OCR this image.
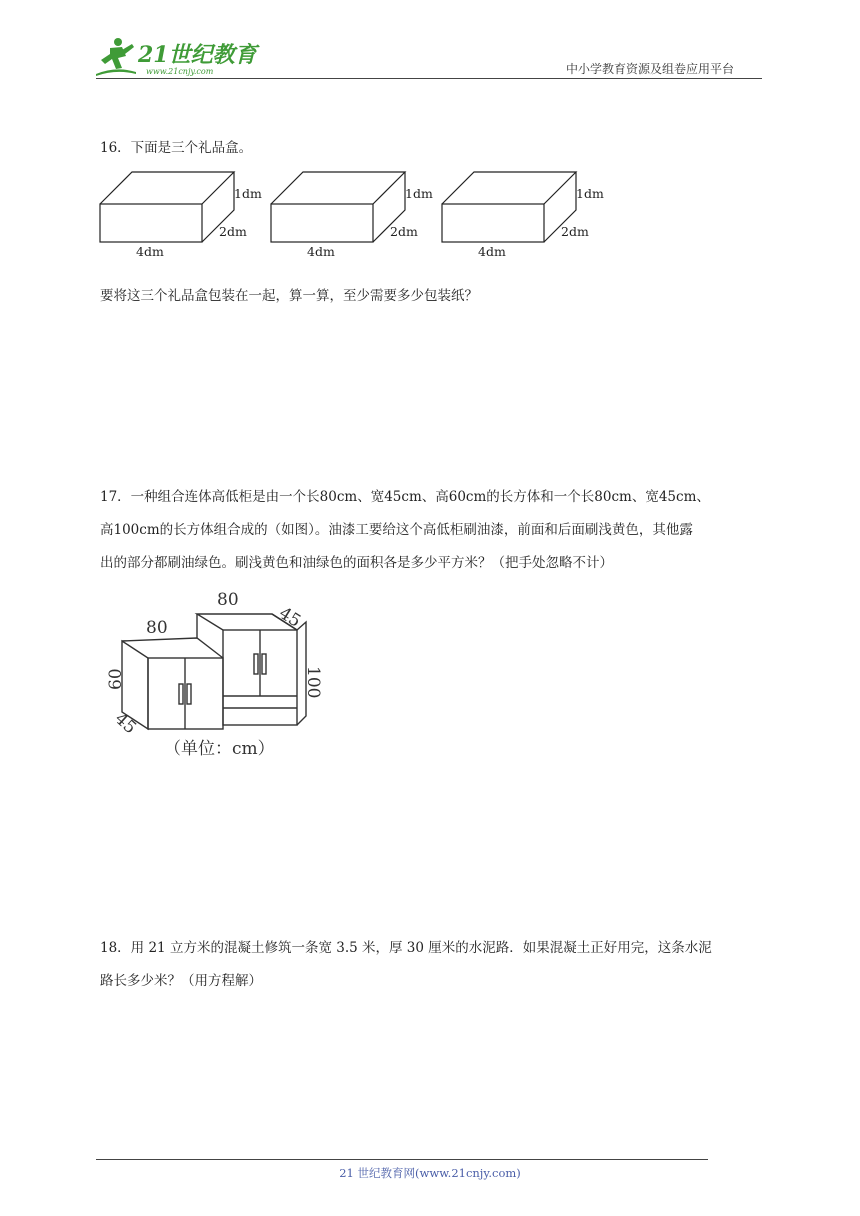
21世纪教育
www.21cnjy.com	中小学教育资源及组卷应用平台
16．下面是三个礼品盒。
1dm
2dm
4dm
1dm
2dm
4dm
1dm
2dm
4dm
要将这三个礼品盒包装在一起，算一算，至少需要多少包装纸？
17．一种组合连体高低柜是由一个长80cm、宽45cm、高60cm的长方体和一个长80cm、宽45cm、
高100cm的长方体组合成的（如图）。油漆工要给这个高低柜刷油漆，前面和后面刷浅黄色，其他露
出的部分都刷油绿色。刷浅黄色和油绿色的面积各是多少平方米？（把手处忽略不计）
80
80
45
60	100
45
（单位：cm）
18．用 21 立方米的混凝土修筑一条宽 3.5 米，厚 30 厘米的水泥路．如果混凝土正好用完，这条水泥
路长多少米？（用方程解）
21 世纪教育网(www.21cnjy.com)
